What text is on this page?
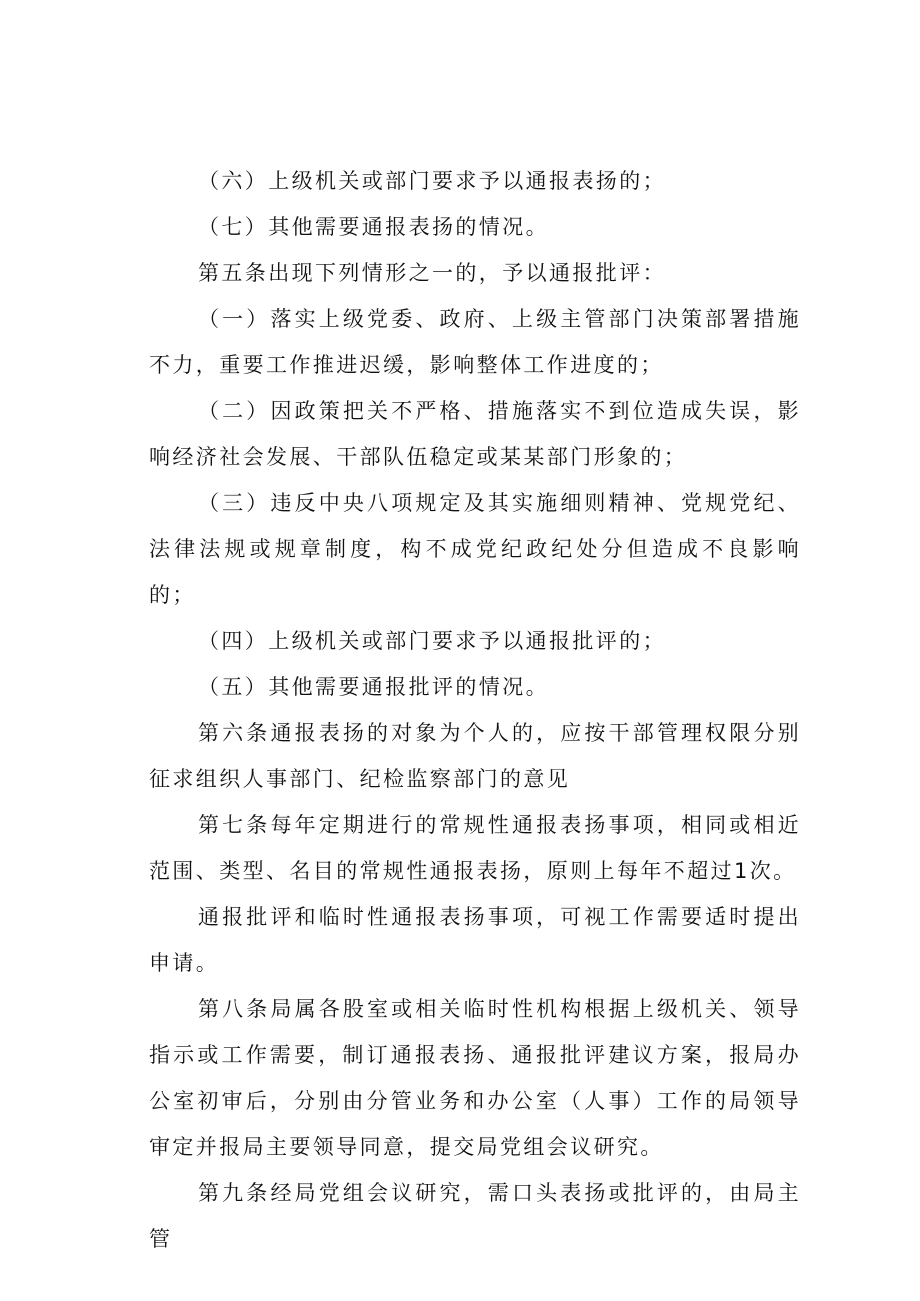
（六）上级机关或部门要求予以通报表扬的；

（七）其他需要通报表扬的情况。

第五条出现下列情形之一的，予以通报批评：

（一）落实上级党委、政府、上级主管部门决策部署措施不力，重要工作推进迟缓，影响整体工作进度的；

（二）因政策把关不严格、措施落实不到位造成失误，影响经济社会发展、干部队伍稳定或某某部门形象的；

（三）违反中央八项规定及其实施细则精神、党规党纪、法律法规或规章制度，构不成党纪政纪处分但造成不良影响的；

（四）上级机关或部门要求予以通报批评的；

（五）其他需要通报批评的情况。

第六条通报表扬的对象为个人的，应按干部管理权限分别征求组织人事部门、纪检监察部门的意见

第七条每年定期进行的常规性通报表扬事项，相同或相近范围、类型、名目的常规性通报表扬，原则上每年不超过1次。

通报批评和临时性通报表扬事项，可视工作需要适时提出申请。

第八条局属各股室或相关临时性机构根据上级机关、领导指示或工作需要，制订通报表扬、通报批评建议方案，报局办公室初审后，分别由分管业务和办公室（人事）工作的局领导审定并报局主要领导同意，提交局党组会议研究。

第九条经局党组会议研究，需口头表扬或批评的，由局主管
